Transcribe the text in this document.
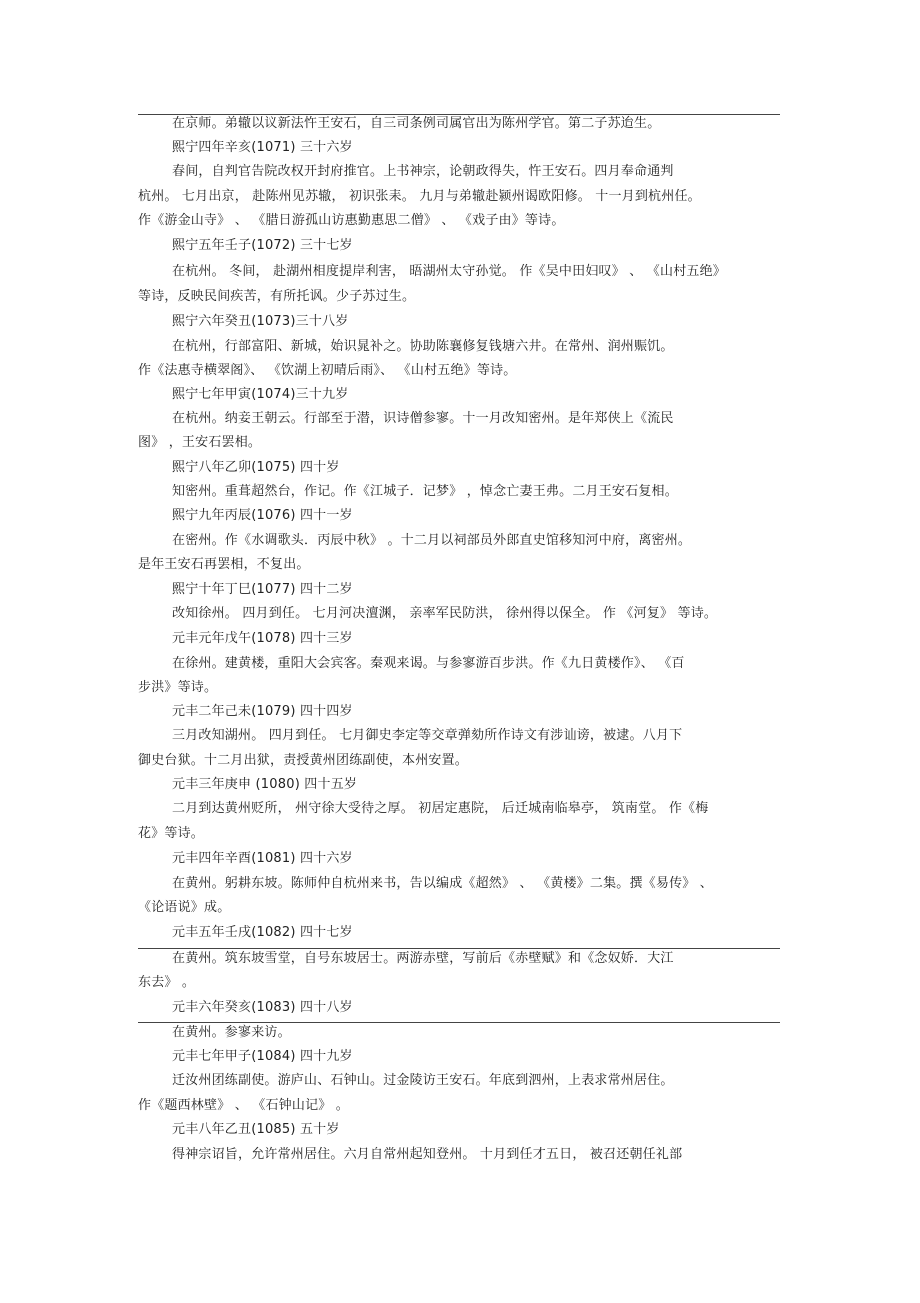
在京师。弟辙以议新法忤王安石，自三司条例司属官出为陈州学官。第二子苏迨生。
熙宁四年辛亥(1071) 三十六岁
春间，自判官告院改权开封府推官。上书神宗，论朝政得失，忤王安石。四月奉命通判
杭州。 七月出京， 赴陈州见苏辙， 初识张耒。 九月与弟辙赴颍州谒欧阳修。 十一月到杭州任。
作《游金山寺》 、 《腊日游孤山访惠勤惠思二僧》 、 《戏子由》等诗。
熙宁五年壬子(1072) 三十七岁
在杭州。 冬间， 赴湖州相度提岸利害， 晤湖州太守孙觉。 作《吴中田妇叹》 、 《山村五绝》
等诗，反映民间疾苦，有所托讽。少子苏过生。
熙宁六年癸丑(1073)三十八岁
在杭州，行部富阳、新城，始识晁补之。协助陈襄修复钱塘六井。在常州、润州赈饥。
作《法惠寺横翠阁》、 《饮湖上初晴后雨》、 《山村五绝》等诗。
熙宁七年甲寅(1074)三十九岁
在杭州。纳妾王朝云。行部至于潜，识诗僧参寥。十一月改知密州。是年郑侠上《流民
图》 ，王安石罢相。
熙宁八年乙卯(1075) 四十岁
知密州。重葺超然台，作记。作《江城子．记梦》 ，悼念亡妻王弗。二月王安石复相。
熙宁九年丙辰(1076) 四十一岁
在密州。作《水调歌头．丙辰中秋》 。十二月以祠部员外郎直史馆移知河中府，离密州。
是年王安石再罢相，不复出。
熙宁十年丁巳(1077) 四十二岁
改知徐州。 四月到任。 七月河决澶渊， 亲率军民防洪， 徐州得以保全。 作 《河复》 等诗。
元丰元年戊午(1078) 四十三岁
在徐州。建黄楼，重阳大会宾客。秦观来谒。与参寥游百步洪。作《九日黄楼作》、 《百
步洪》等诗。
元丰二年己未(1079) 四十四岁
三月改知湖州。 四月到任。 七月御史李定等交章弹劾所作诗文有涉讪谤，被逮。八月下
御史台狱。十二月出狱，责授黄州团练副使，本州安置。
元丰三年庚申 (1080) 四十五岁
二月到达黄州贬所， 州守徐大受待之厚。 初居定惠院， 后迁城南临皋亭， 筑南堂。 作《梅
花》等诗。
元丰四年辛酉(1081) 四十六岁
在黄州。躬耕东坡。陈师仲自杭州来书，告以编成《超然》 、 《黄楼》二集。撰《易传》 、
《论语说》成。
元丰五年壬戌(1082) 四十七岁
在黄州。筑东坡雪堂，自号东坡居士。两游赤壁，写前后《赤壁赋》和《念奴娇．大江
东去》 。
元丰六年癸亥(1083) 四十八岁
在黄州。参寥来访。
元丰七年甲子(1084) 四十九岁
迁汝州团练副使。游庐山、石钟山。过金陵访王安石。年底到泗州，上表求常州居住。
作《题西林壁》 、 《石钟山记》 。
元丰八年乙丑(1085) 五十岁
得神宗诏旨，允许常州居住。六月自常州起知登州。 十月到任才五日， 被召还朝任礼部
